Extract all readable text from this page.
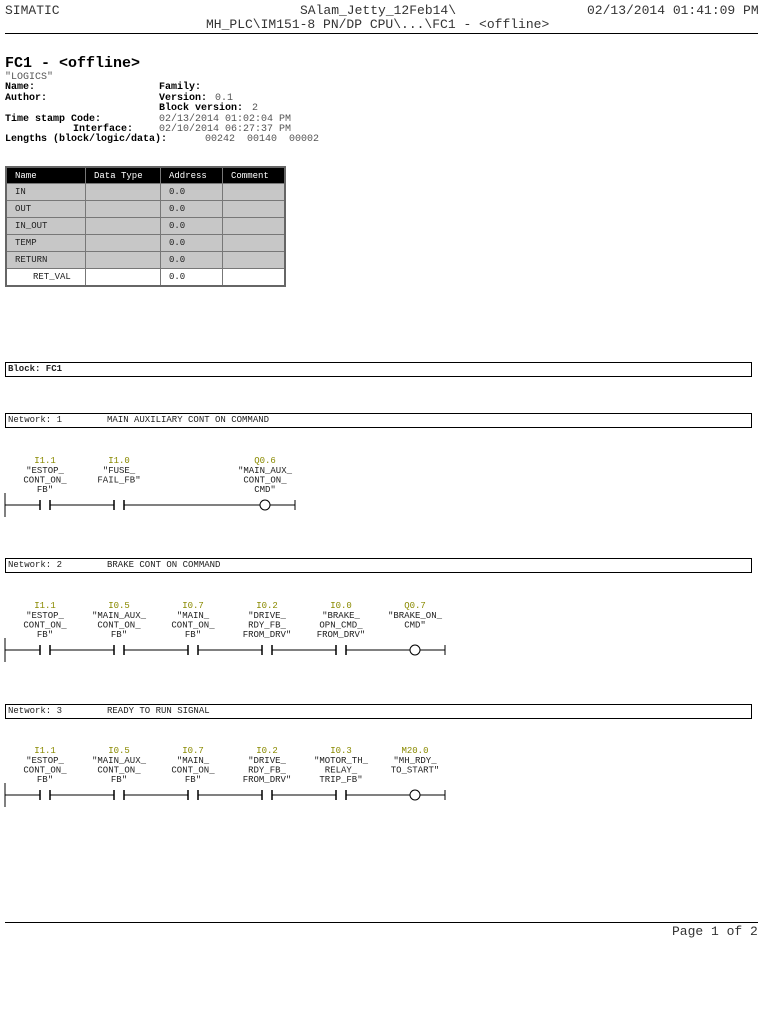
SIMATIC	SAlam_Jetty_12Feb14\
MH_PLC\IM151-8 PN/DP CPU\...\FC1 - <offline>
02/13/2014 01:41:09 PM
FC1 - <offline>
"LOGICS"
Name:
Author:
Family:
Version: 0.1
Block version: 2
Time stamp Code:	02/13/2014 01:02:04 PM
Interface:	02/10/2014 06:27:37 PM
Lengths (block/logic/data):	00242  00140  00002
Name	Data Type	Address	Comment
IN		0.0	
OUT		0.0	
IN_OUT		0.0	
TEMP		0.0	
RETURN		0.0	
RET_VAL		0.0	
Block: FC1
Network: 1	MAIN AUXILIARY CONT ON COMMAND
Network: 2	BRAKE CONT ON COMMAND
Network: 3	READY TO RUN SIGNAL
I1.1
"ESTOP_
CONT_ON_
FB"
I1.0
"FUSE_
FAIL_FB"
Q0.6
"MAIN_AUX_
CONT_ON_
CMD"
I1.1
"ESTOP_
CONT_ON_
FB"
I0.5
"MAIN_AUX_
CONT_ON_
FB"
I0.7
"MAIN_
CONT_ON_
FB"
I0.2
"DRIVE_
RDY_FB_
FROM_DRV"
I0.0
"BRAKE_
OPN_CMD_
FROM_DRV"
Q0.7
"BRAKE_ON_
CMD"
I1.1
"ESTOP_
CONT_ON_
FB"
I0.5
"MAIN_AUX_
CONT_ON_
FB"
I0.7
"MAIN_
CONT_ON_
FB"
I0.2
"DRIVE_
RDY_FB_
FROM_DRV"
I0.3
"MOTOR_TH_
RELAY_
TRIP_FB"
M20.0
"MH_RDY_
TO_START"
Page 1 of 2
